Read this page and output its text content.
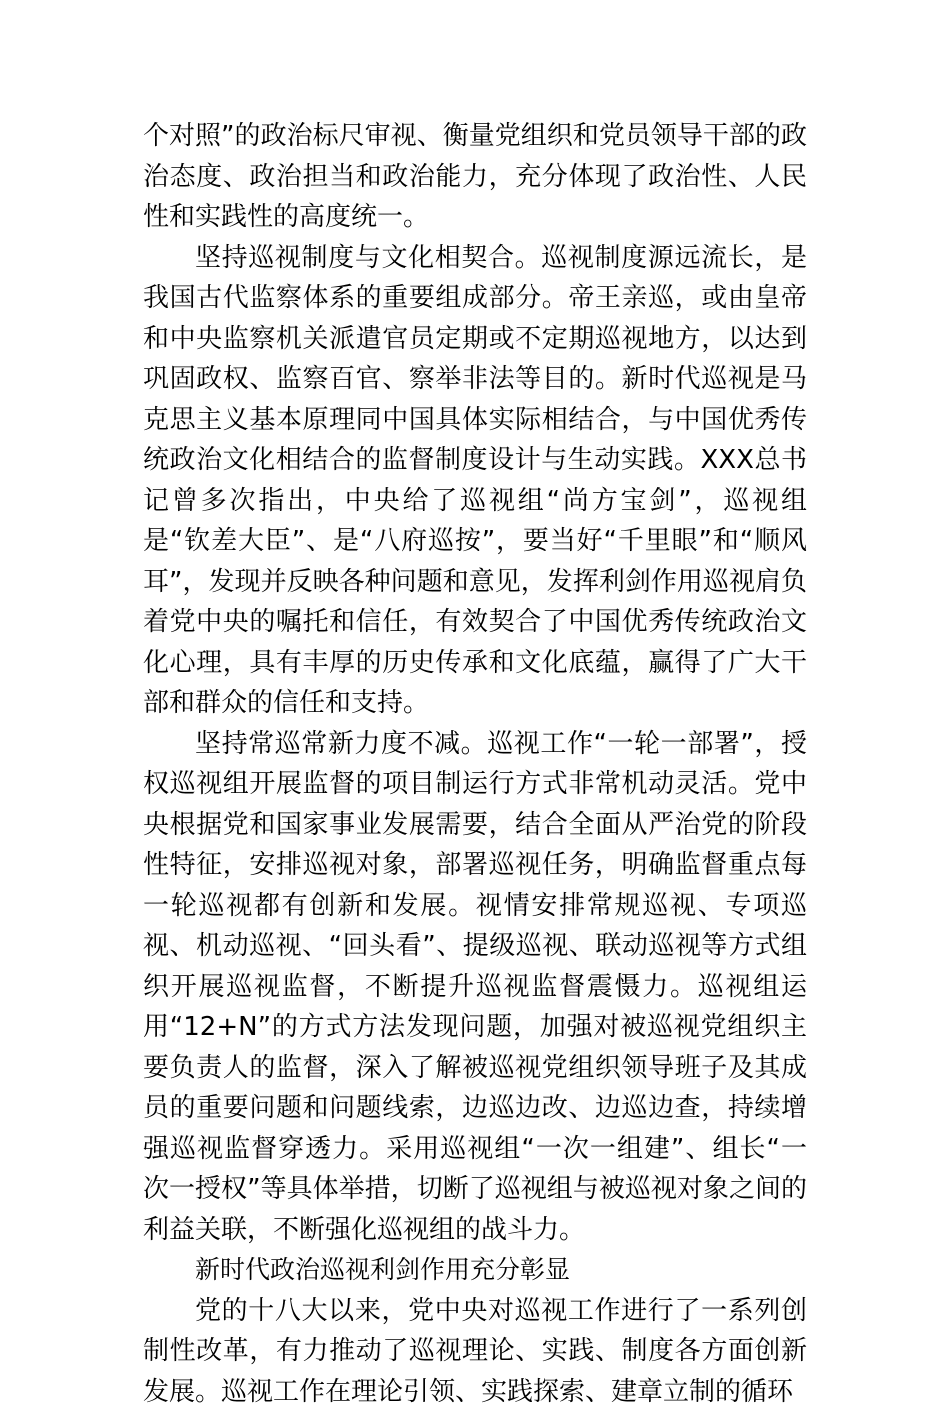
个对照”的政治标尺审视、衡量党组织和党员领导干部的政治态度、政治担当和政治能力，充分体现了政治性、人民性和实践性的高度统一。

坚持巡视制度与文化相契合。巡视制度源远流长，是我国古代监察体系的重要组成部分。帝王亲巡，或由皇帝和中央监察机关派遣官员定期或不定期巡视地方，以达到巩固政权、监察百官、察举非法等目的。新时代巡视是马克思主义基本原理同中国具体实际相结合，与中国优秀传统政治文化相结合的监督制度设计与生动实践。XXX总书记曾多次指出，中央给了巡视组“尚方宝剑”，巡视组是“钦差大臣”、是“八府巡按”，要当好“千里眼”和“顺风耳”，发现并反映各种问题和意见，发挥利剑作用巡视肩负着党中央的嘱托和信任，有效契合了中国优秀传统政治文化心理，具有丰厚的历史传承和文化底蕴，赢得了广大干部和群众的信任和支持。

坚持常巡常新力度不减。巡视工作“一轮一部署”，授权巡视组开展监督的项目制运行方式非常机动灵活。党中央根据党和国家事业发展需要，结合全面从严治党的阶段性特征，安排巡视对象，部署巡视任务，明确监督重点每一轮巡视都有创新和发展。视情安排常规巡视、专项巡视、机动巡视、“回头看”、提级巡视、联动巡视等方式组织开展巡视监督，不断提升巡视监督震慑力。巡视组运用“12+N”的方式方法发现问题，加强对被巡视党组织主要负责人的监督，深入了解被巡视党组织领导班子及其成员的重要问题和问题线索，边巡边改、边巡边查，持续增强巡视监督穿透力。采用巡视组“一次一组建”、组长“一次一授权”等具体举措，切断了巡视组与被巡视对象之间的利益关联，不断强化巡视组的战斗力。

新时代政治巡视利剑作用充分彰显

党的十八大以来，党中央对巡视工作进行了一系列创制性改革，有力推动了巡视理论、实践、制度各方面创新发展。巡视工作在理论引领、实践探索、建章立制的循环
